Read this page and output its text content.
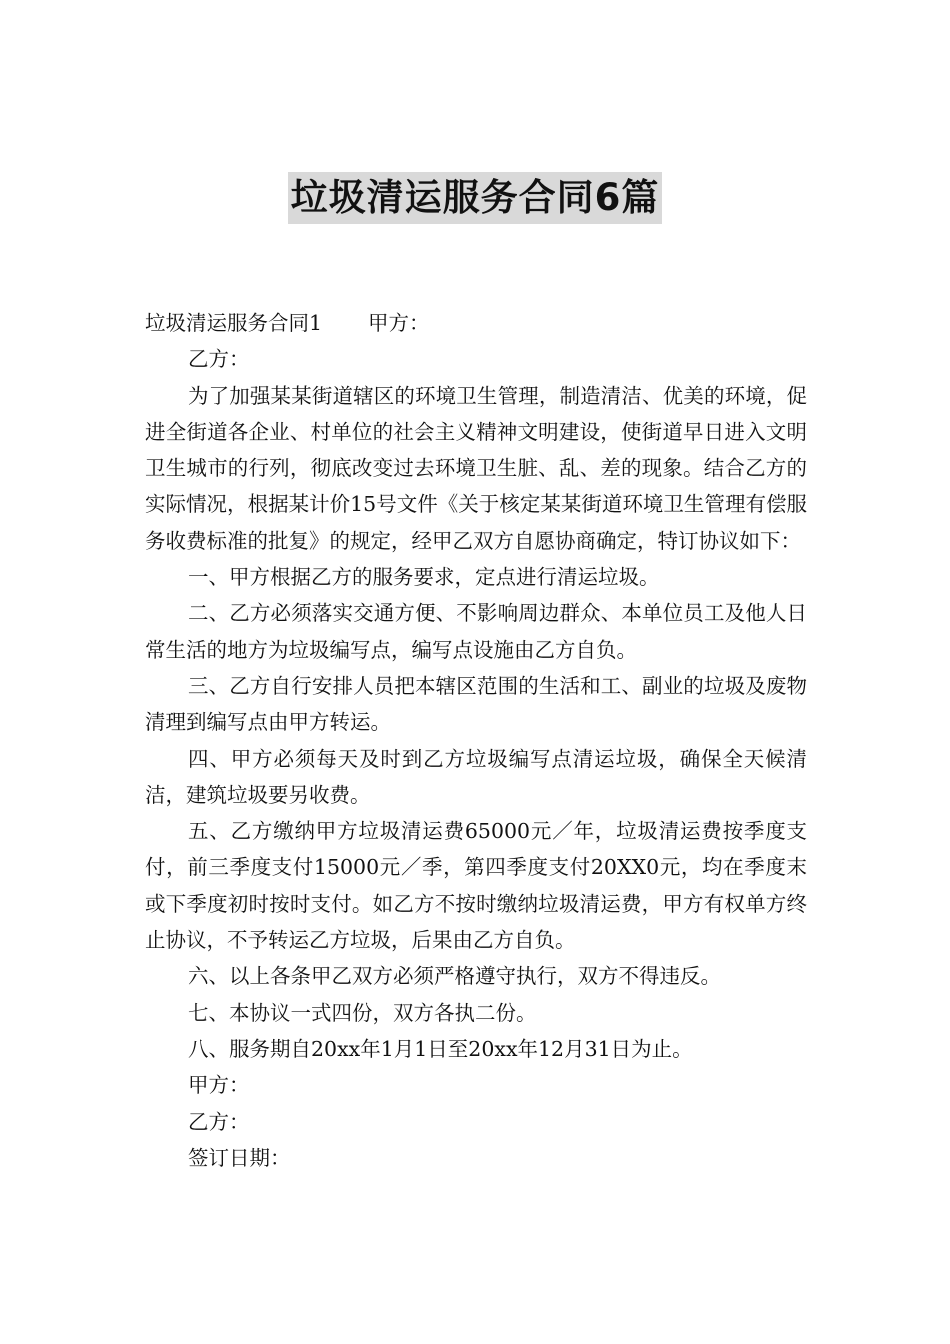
垃圾清运服务合同6篇

垃圾清运服务合同1 甲方：

乙方：

为了加强某某街道辖区的环境卫生管理，制造清洁、优美的环境，促进全街道各企业、村单位的社会主义精神文明建设，使街道早日进入文明卫生城市的行列，彻底改变过去环境卫生脏、乱、差的现象。结合乙方的实际情况，根据某计价15号文件《关于核定某某街道环境卫生管理有偿服务收费标准的批复》的规定，经甲乙双方自愿协商确定，特订协议如下：

一、甲方根据乙方的服务要求，定点进行清运垃圾。

二、乙方必须落实交通方便、不影响周边群众、本单位员工及他人日常生活的地方为垃圾编写点，编写点设施由乙方自负。

三、乙方自行安排人员把本辖区范围的生活和工、副业的垃圾及废物清理到编写点由甲方转运。

四、甲方必须每天及时到乙方垃圾编写点清运垃圾，确保全天候清洁，建筑垃圾要另收费。

五、乙方缴纳甲方垃圾清运费65000元／年，垃圾清运费按季度支付，前三季度支付15000元／季，第四季度支付20XX0元，均在季度末或下季度初时按时支付。如乙方不按时缴纳垃圾清运费，甲方有权单方终止协议，不予转运乙方垃圾，后果由乙方自负。

六、以上各条甲乙双方必须严格遵守执行，双方不得违反。

七、本协议一式四份，双方各执二份。

八、服务期自20xx年1月1日至20xx年12月31日为止。

甲方：

乙方：

签订日期：
